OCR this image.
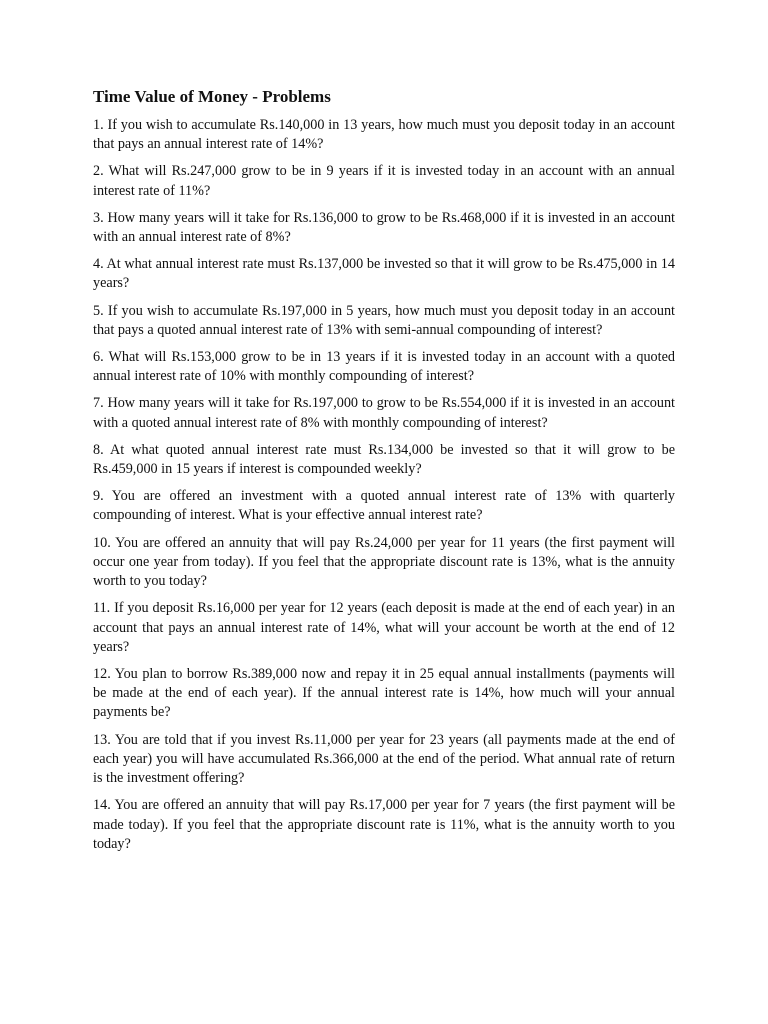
Time Value of Money - Problems
1. If you wish to accumulate Rs.140,000 in 13 years, how much must you deposit today in an account that pays an annual interest rate of 14%?
2. What will Rs.247,000 grow to be in 9 years if it is invested today in an account with an annual interest rate of 11%?
3. How many years will it take for Rs.136,000 to grow to be Rs.468,000 if it is invested in an account with an annual interest rate of 8%?
4. At what annual interest rate must Rs.137,000 be invested so that it will grow to be Rs.475,000 in 14 years?
5. If you wish to accumulate Rs.197,000 in 5 years, how much must you deposit today in an account that pays a quoted annual interest rate of 13% with semi-annual compounding of interest?
6. What will Rs.153,000 grow to be in 13 years if it is invested today in an account with a quoted annual interest rate of 10% with monthly compounding of interest?
7. How many years will it take for Rs.197,000 to grow to be Rs.554,000 if it is invested in an account with a quoted annual interest rate of 8% with monthly compounding of interest?
8. At what quoted annual interest rate must Rs.134,000 be invested so that it will grow to be Rs.459,000 in 15 years if interest is compounded weekly?
9. You are offered an investment with a quoted annual interest rate of 13% with quarterly compounding of interest. What is your effective annual interest rate?
10. You are offered an annuity that will pay Rs.24,000 per year for 11 years (the first payment will occur one year from today). If you feel that the appropriate discount rate is 13%, what is the annuity worth to you today?
11. If you deposit Rs.16,000 per year for 12 years (each deposit is made at the end of each year) in an account that pays an annual interest rate of 14%, what will your account be worth at the end of 12 years?
12. You plan to borrow Rs.389,000 now and repay it in 25 equal annual installments (payments will be made at the end of each year). If the annual interest rate is 14%, how much will your annual payments be?
13. You are told that if you invest Rs.11,000 per year for 23 years (all payments made at the end of each year) you will have accumulated Rs.366,000 at the end of the period. What annual rate of return is the investment offering?
14. You are offered an annuity that will pay Rs.17,000 per year for 7 years (the first payment will be made today). If you feel that the appropriate discount rate is 11%, what is the annuity worth to you today?
